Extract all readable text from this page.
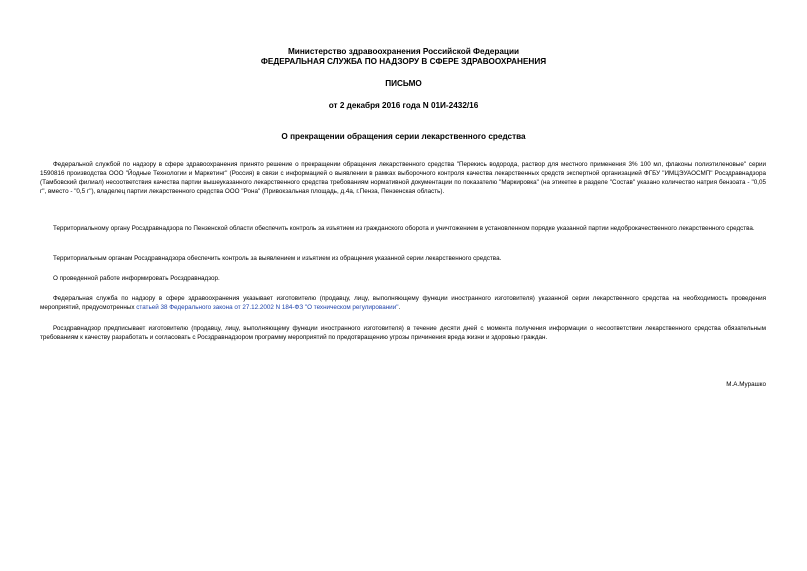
Министерство здравоохранения Российской Федерации
ФЕДЕРАЛЬНАЯ СЛУЖБА ПО НАДЗОРУ В СФЕРЕ ЗДРАВООХРАНЕНИЯ
ПИСЬМО
от 2 декабря 2016 года N 01И-2432/16
О прекращении обращения серии лекарственного средства
Федеральной службой по надзору в сфере здравоохранения принято решение о прекращении обращения лекарственного средства "Перекись водорода, раствор для местного применения 3% 100 мл, флаконы полиэтиленовые" серии 1590816 производства ООО "Йодные Технологии и Маркетинг" (Россия) в связи с информацией о выявлении в рамках выборочного контроля качества лекарственных средств экспертной организацией ФГБУ "ИМЦЭУАОСМП" Росздравнадзора (Тамбовский филиал) несоответствия качества партии вышеуказанного лекарственного средства требованиям нормативной документации по показателю "Маркировка" (на этикетке в разделе "Состав" указано количество натрия бензоата - "0,05 г", вместо - "0,5 г"), владелец партии лекарственного средства ООО "Рона" (Привокзальная площадь, д.4а, г.Пенза, Пензенская область).
Территориальному органу Росздравнадзора по Пензенской области обеспечить контроль за изъятием из гражданского оборота и уничтожением в установленном порядке указанной партии недоброкачественного лекарственного средства.
Территориальным органам Росздравнадзора обеспечить контроль за выявлением и изъятием из обращения указанной серии лекарственного средства.
О проведенной работе информировать Росздравнадзор.
Федеральная служба по надзору в сфере здравоохранения указывает изготовителю (продавцу, лицу, выполняющему функции иностранного изготовителя) указанной серии лекарственного средства на необходимость проведения мероприятий, предусмотренных статьей 38 Федерального закона от 27.12.2002 N 184-ФЗ "О техническом регулировании".
Росздравнадзор предписывает изготовителю (продавцу, лицу, выполняющему функции иностранного изготовителя) в течение десяти дней с момента получения информации о несоответствии лекарственного средства обязательным требованиям к качеству разработать и согласовать с Росздравнадзором программу мероприятий по предотвращению угрозы причинения вреда жизни и здоровью граждан.
М.А.Мурашко
